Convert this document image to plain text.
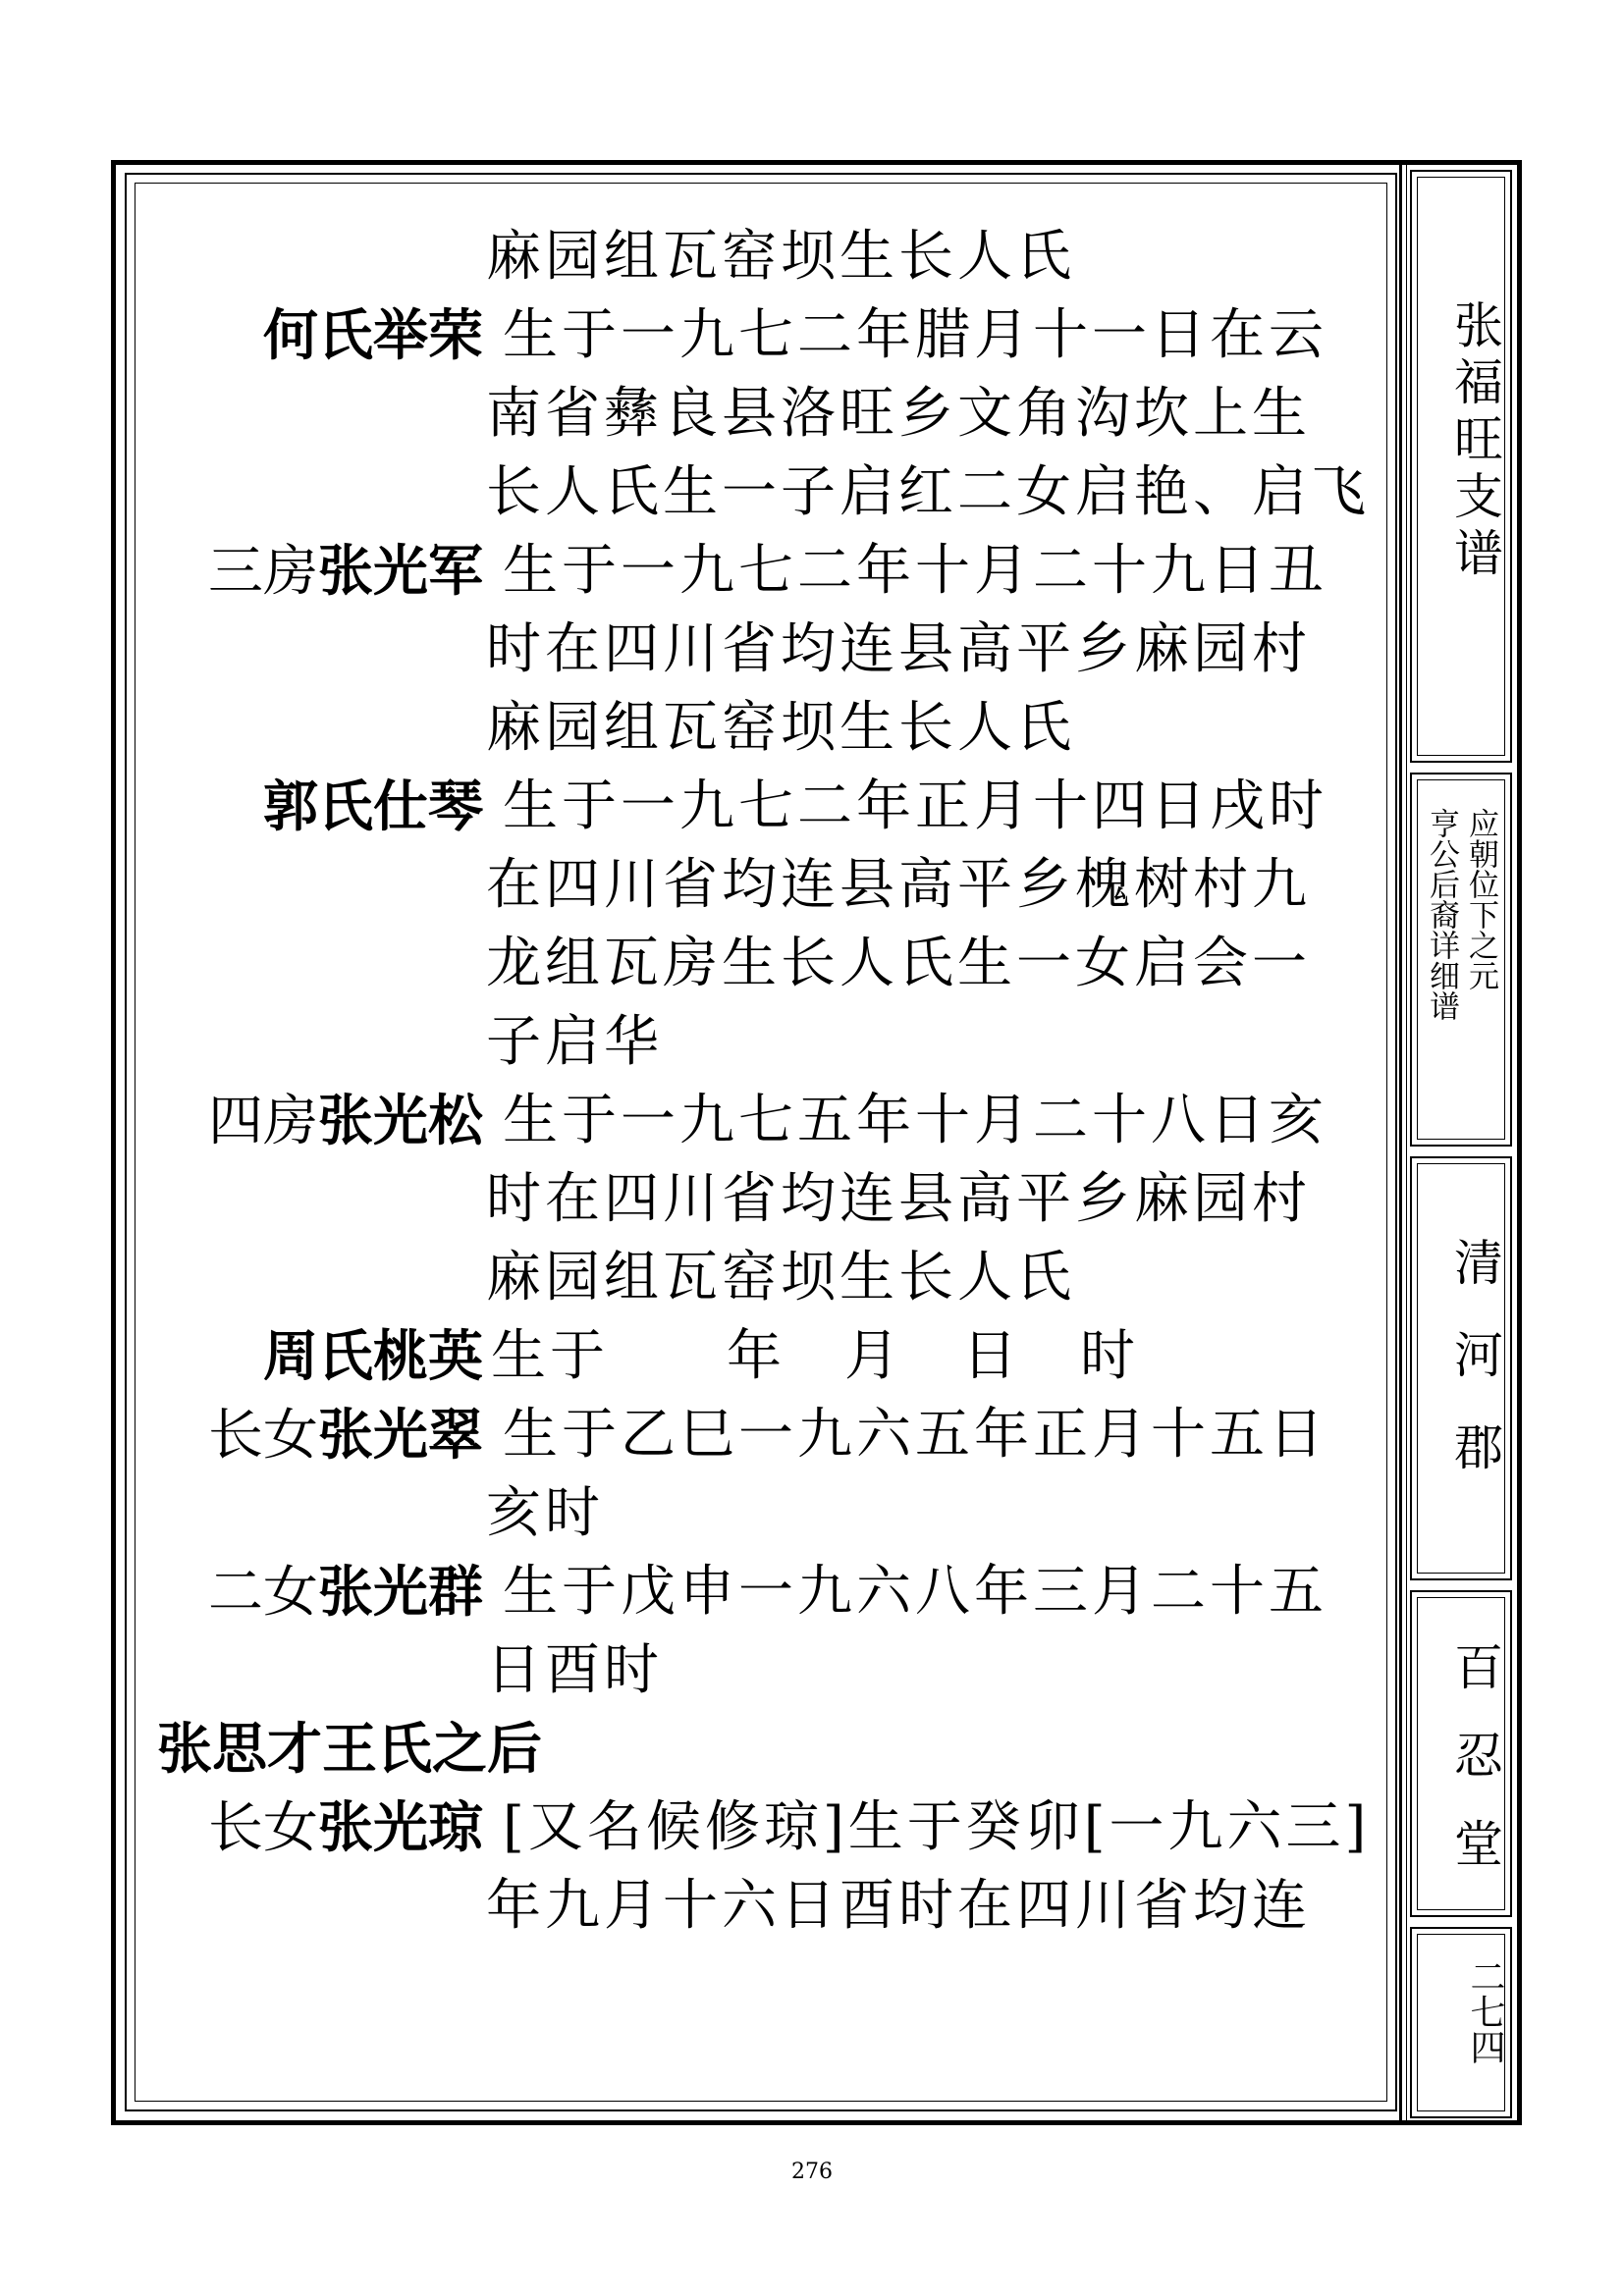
麻园组瓦窑坝生长人氏
何氏举荣 生于一九七二年腊月十一日在云
南省彝良县洛旺乡文角沟坎上生
长人氏生一子启红二女启艳、启飞
三房张光军 生于一九七二年十月二十九日丑
时在四川省均连县高平乡麻园村
麻园组瓦窑坝生长人氏
郭氏仕琴 生于一九七二年正月十四日戌时
在四川省均连县高平乡槐树村九
龙组瓦房生长人氏生一女启会一
子启华
四房张光松 生于一九七五年十月二十八日亥
时在四川省均连县高平乡麻园村
麻园组瓦窑坝生长人氏
周氏桃英 生于　　年　月　日　时
长女张光翠 生于乙巳一九六五年正月十五日
亥时
二女张光群 生于戊申一九六八年三月二十五
日酉时
张思才王氏之后
长女张光琼 [又名候修琼]生于癸卯[一九六三]
年九月十六日酉时在四川省均连
张福旺支谱
应朝位下之元
亨公后裔详细谱
清河郡
百忍堂
二七四
276
